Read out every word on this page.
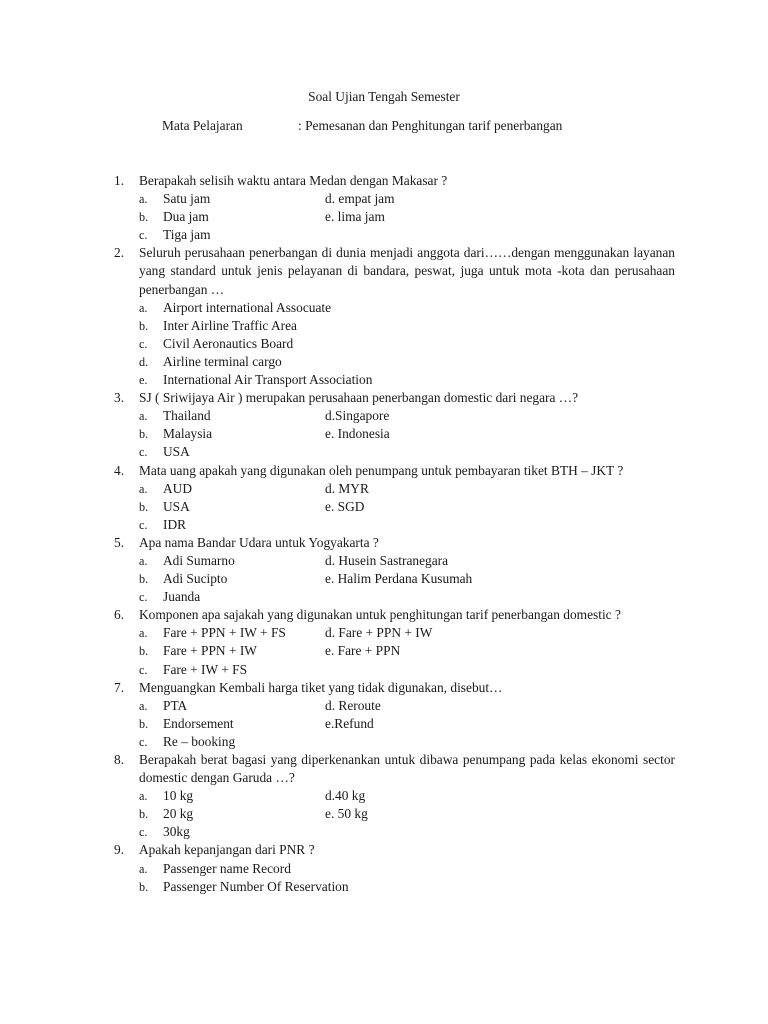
Soal Ujian Tengah Semester
Mata Pelajaran	: Pemesanan dan Penghitungan tarif penerbangan
1. Berapakah selisih waktu antara Medan dengan Makasar ?
a. Satu jam	d. empat jam
b. Dua jam	e. lima jam
c. Tiga jam
2. Seluruh perusahaan penerbangan di dunia menjadi anggota dari……dengan menggunakan layanan yang standard untuk jenis pelayanan di bandara, peswat, juga untuk mota -kota dan perusahaan penerbangan …
a. Airport international Assocuate
b. Inter Airline Traffic Area
c. Civil Aeronautics Board
d. Airline terminal cargo
e. International Air Transport Association
3. SJ ( Sriwijaya Air ) merupakan perusahaan penerbangan domestic dari negara …?
a. Thailand	d.Singapore
b. Malaysia	e. Indonesia
c. USA
4. Mata uang apakah yang digunakan oleh penumpang untuk pembayaran tiket BTH – JKT ?
a. AUD	d. MYR
b. USA	e. SGD
c. IDR
5. Apa nama Bandar Udara untuk Yogyakarta ?
a. Adi Sumarno	d. Husein Sastranegara
b. Adi Sucipto	e. Halim Perdana Kusumah
c. Juanda
6. Komponen apa sajakah yang digunakan untuk penghitungan tarif penerbangan domestic ?
a. Fare + PPN + IW + FS	d. Fare + PPN + IW
b. Fare + PPN + IW	e. Fare + PPN
c. Fare + IW + FS
7. Menguangkan Kembali harga tiket yang tidak digunakan, disebut…
a. PTA	d. Reroute
b. Endorsement	e.Refund
c. Re – booking
8. Berapakah berat bagasi yang diperkenankan untuk dibawa penumpang pada kelas ekonomi sector domestic dengan Garuda …?
a. 10 kg	d.40 kg
b. 20 kg	e. 50 kg
c. 30kg
9. Apakah kepanjangan dari PNR ?
a. Passenger name Record
b. Passenger Number Of Reservation
